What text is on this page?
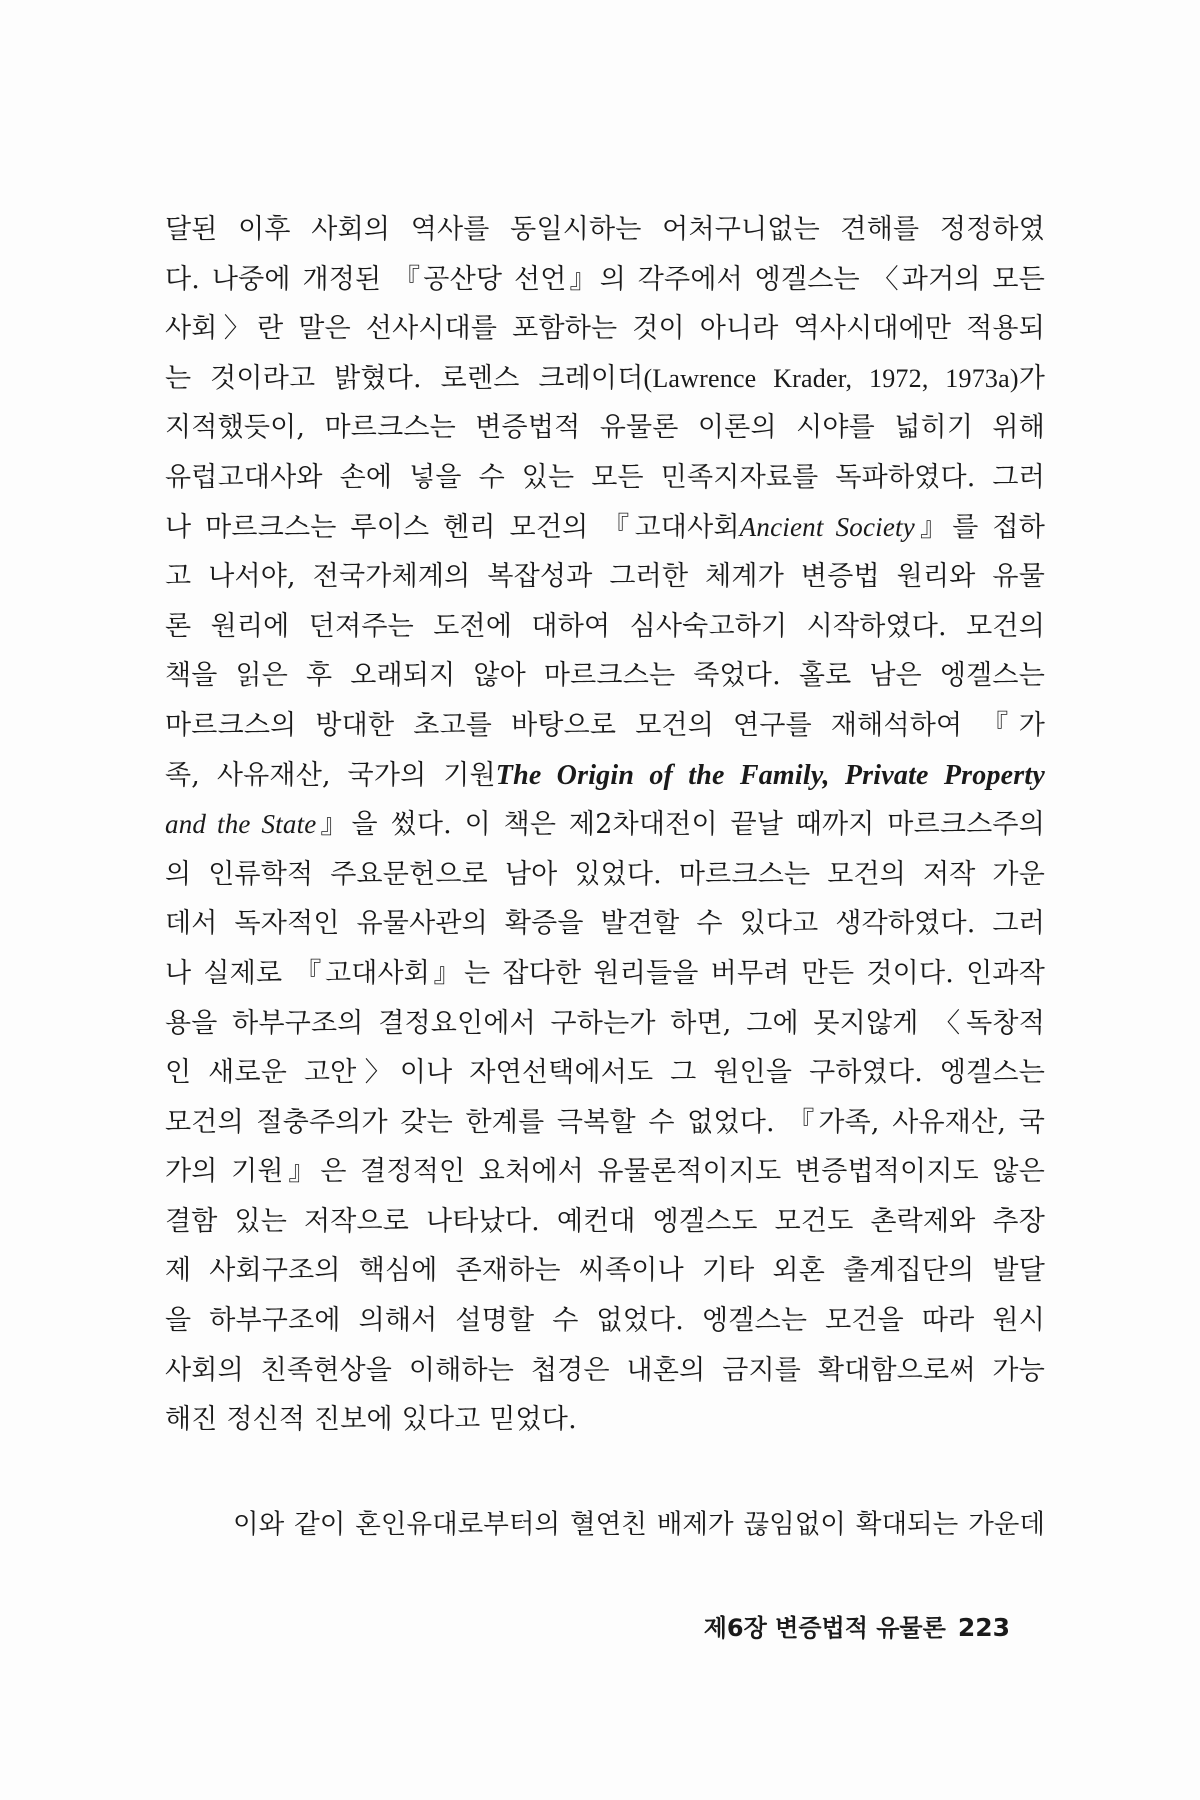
달된 이후 사회의 역사를 동일시하는 어처구니없는 견해를 정정하였
다. 나중에 개정된 『공산당 선언』의 각주에서 엥겔스는 〈과거의 모든
사회〉란 말은 선사시대를 포함하는 것이 아니라 역사시대에만 적용되
는 것이라고 밝혔다. 로렌스 크레이더(Lawrence Krader, 1972, 1973a)가
지적했듯이, 마르크스는 변증법적 유물론 이론의 시야를 넓히기 위해
유럽고대사와 손에 넣을 수 있는 모든 민족지자료를 독파하였다. 그러
나 마르크스는 루이스 헨리 모건의 『고대사회Ancient Society』를 접하
고 나서야, 전국가체계의 복잡성과 그러한 체계가 변증법 원리와 유물
론 원리에 던져주는 도전에 대하여 심사숙고하기 시작하였다. 모건의
책을 읽은 후 오래되지 않아 마르크스는 죽었다. 홀로 남은 엥겔스는
마르크스의 방대한 초고를 바탕으로 모건의 연구를 재해석하여 『가
족, 사유재산, 국가의 기원The Origin of the Family, Private Property
and the State』을 썼다. 이 책은 제2차대전이 끝날 때까지 마르크스주의
의 인류학적 주요문헌으로 남아 있었다. 마르크스는 모건의 저작 가운
데서 독자적인 유물사관의 확증을 발견할 수 있다고 생각하였다. 그러
나 실제로 『고대사회』는 잡다한 원리들을 버무려 만든 것이다. 인과작
용을 하부구조의 결정요인에서 구하는가 하면, 그에 못지않게 〈독창적
인 새로운 고안〉이나 자연선택에서도 그 원인을 구하였다. 엥겔스는
모건의 절충주의가 갖는 한계를 극복할 수 없었다. 『가족, 사유재산, 국
가의 기원』은 결정적인 요처에서 유물론적이지도 변증법적이지도 않은
결함 있는 저작으로 나타났다. 예컨대 엥겔스도 모건도 촌락제와 추장
제 사회구조의 핵심에 존재하는 씨족이나 기타 외혼 출계집단의 발달
을 하부구조에 의해서 설명할 수 없었다. 엥겔스는 모건을 따라 원시
사회의 친족현상을 이해하는 첩경은 내혼의 금지를 확대함으로써 가능
해진 정신적 진보에 있다고 믿었다.
이와 같이 혼인유대로부터의 혈연친 배제가 끊임없이 확대되는 가운데
제6장 변증법적 유물론 223
